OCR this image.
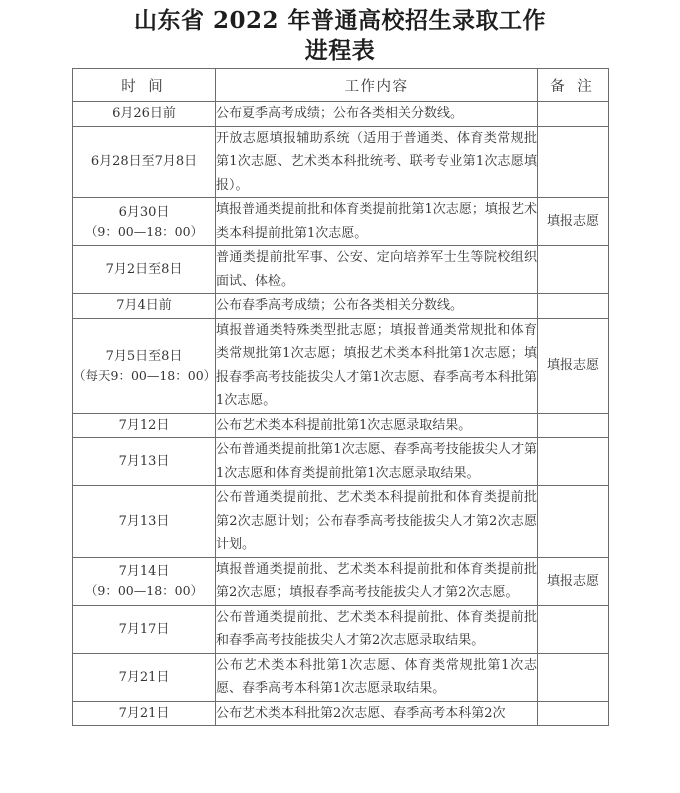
山东省 2022 年普通高校招生录取工作
进程表
时 间	工作内容	备 注
6月26日前	公布夏季高考成绩；公布各类相关分数线。	

6月28日至7月8日	开放志愿填报辅助系统（适用于普通类、体育类常规批第1次志愿、艺术类本科批统考、联考专业第1次志愿填报）。	

6月30日
（9：00—18：00）	填报普通类提前批和体育类提前批第1次志愿；填报艺术类本科提前批第1次志愿。	填报志愿
7月2日至8日	普通类提前批军事、公安、定向培养军士生等院校组织面试、体检。	

7月4日前	公布春季高考成绩；公布各类相关分数线。	

7月5日至8日
（每天9：00—18：00）	填报普通类特殊类型批志愿；填报普通类常规批和体育类常规批第1次志愿；填报艺术类本科批第1次志愿；填报春季高考技能拔尖人才第1次志愿、春季高考本科批第1次志愿。	填报志愿
7月12日	公布艺术类本科提前批第1次志愿录取结果。	

7月13日	公布普通类提前批第1次志愿、春季高考技能拔尖人才第1次志愿和体育类提前批第1次志愿录取结果。	

7月13日	公布普通类提前批、艺术类本科提前批和体育类提前批第2次志愿计划；公布春季高考技能拔尖人才第2次志愿计划。	

7月14日
（9：00—18：00）	填报普通类提前批、艺术类本科提前批和体育类提前批第2次志愿；填报春季高考技能拔尖人才第2次志愿。	填报志愿
7月17日	公布普通类提前批、艺术类本科提前批、体育类提前批和春季高考技能拔尖人才第2次志愿录取结果。	

7月21日	公布艺术类本科批第1次志愿、体育类常规批第1次志愿、春季高考本科第1次志愿录取结果。	

7月21日	公布艺术类本科批第2次志愿、春季高考本科第2次	
